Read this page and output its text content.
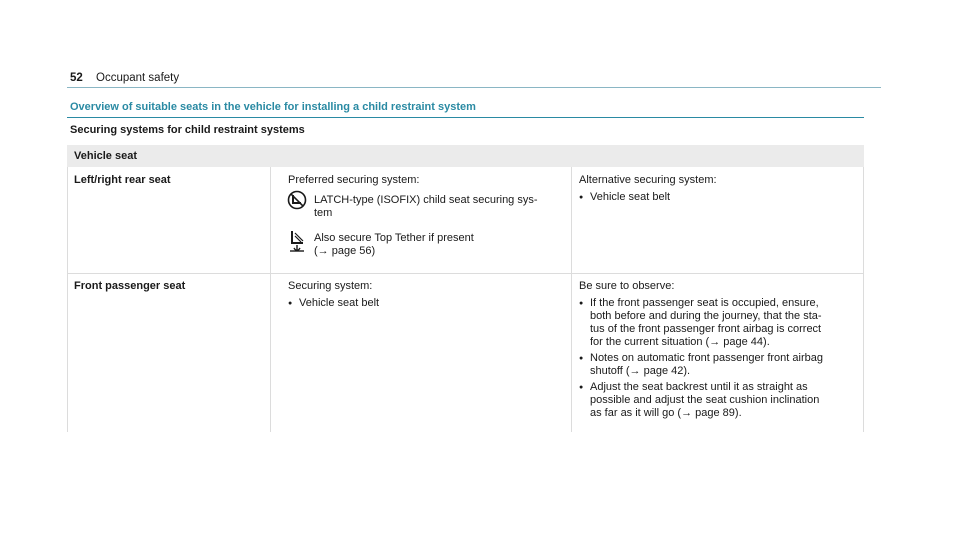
52 Occupant safety
Overview of suitable seats in the vehicle for installing a child restraint system
Securing systems for child restraint systems
Vehicle seat
Left/right rear seat	Preferred securing system:
LATCH-type (ISOFIX) child seat securing sys-
tem
Also secure Top Tether if present
(→ page 56)
Alternative securing system:
● Vehicle seat belt
Front passenger seat	Securing system:
● Vehicle seat belt
Be sure to observe:
● If the front passenger seat is occupied, ensure,
both before and during the journey, that the sta-
tus of the front passenger front airbag is correct
for the current situation (→ page 44).
● Notes on automatic front passenger front airbag
shutoff (→ page 42).
● Adjust the seat backrest until it as straight as
possible and adjust the seat cushion inclination
as far as it will go (→ page 89).
